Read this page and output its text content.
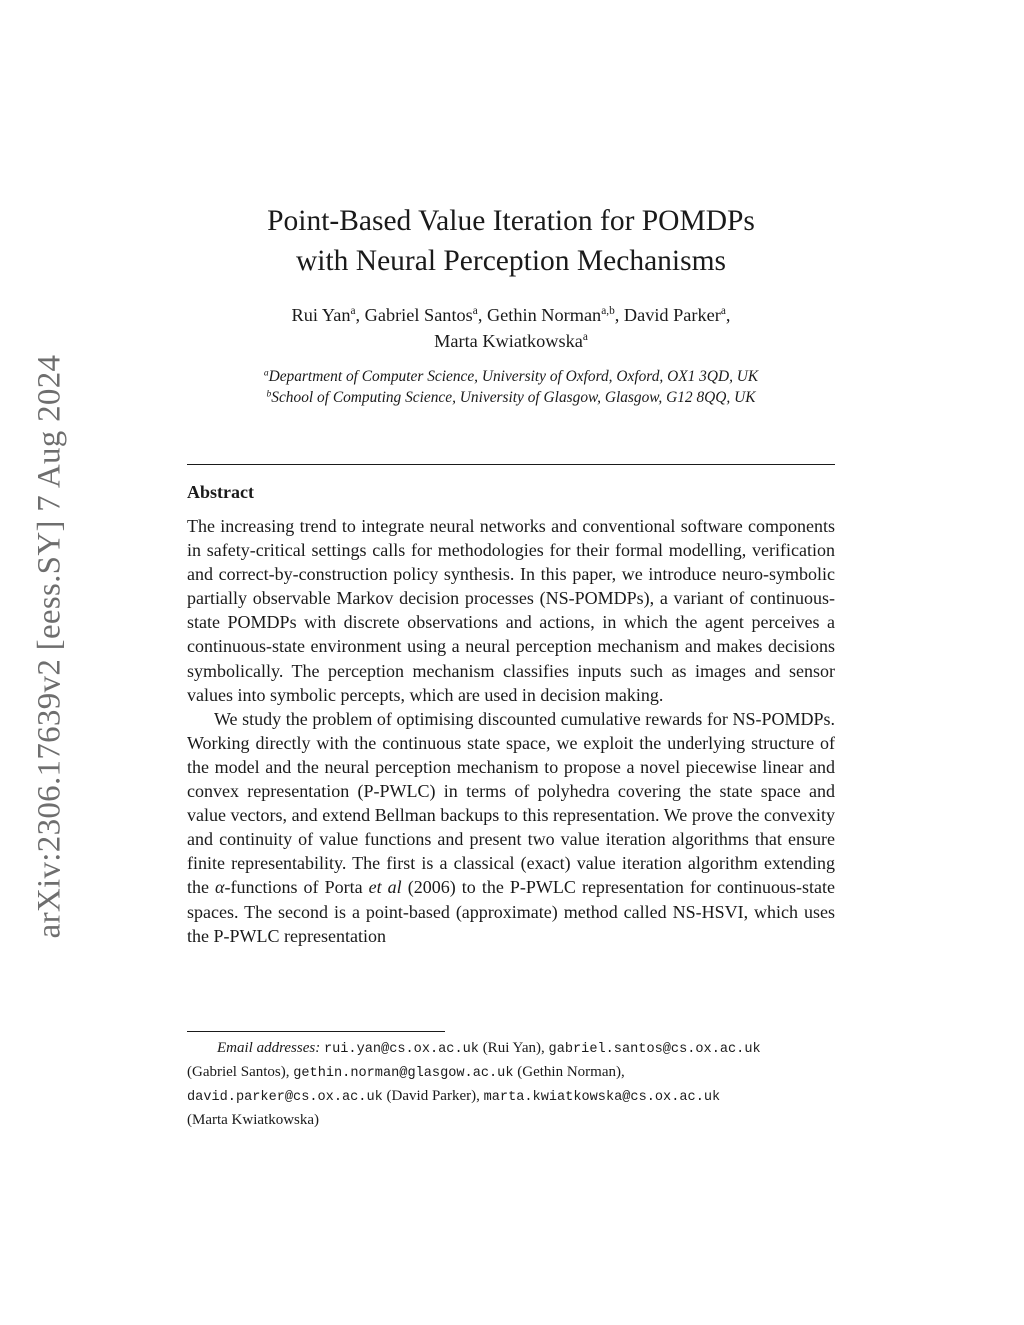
arXiv:2306.17639v2 [eess.SY] 7 Aug 2024
Point-Based Value Iteration for POMDPs
with Neural Perception Mechanisms
Rui Yan$^a$, Gabriel Santos$^a$, Gethin Norman$^{a,b}$, David Parker$^a$,
Marta Kwiatkowska$^a$
$^a$Department of Computer Science, University of Oxford, Oxford, OX1 3QD, UK
$^b$School of Computing Science, University of Glasgow, Glasgow, G12 8QQ, UK
Abstract

The increasing trend to integrate neural networks and conventional software components in safety-critical settings calls for methodologies for their formal modelling, verification and correct-by-construction policy synthesis. In this paper, we introduce neuro-symbolic partially observable Markov decision processes (NS-POMDPs), a variant of continuous-state POMDPs with discrete observations and actions, in which the agent perceives a continuous-state environment using a neural perception mechanism and makes decisions symbolically. The perception mechanism classifies inputs such as images and sensor values into symbolic percepts, which are used in decision making.

We study the problem of optimising discounted cumulative rewards for NS-POMDPs. Working directly with the continuous state space, we exploit the underlying structure of the model and the neural perception mechanism to propose a novel piecewise linear and convex representation (P-PWLC) in terms of polyhedra covering the state space and value vectors, and extend Bellman backups to this representation. We prove the convexity and continuity of value functions and present two value iteration algorithms that ensure finite representability. The first is a classical (exact) value iteration algorithm extending the α-functions of Porta et al (2006) to the P-PWLC representation for continuous-state spaces. The second is a point-based (approximate) method called NS-HSVI, which uses the P-PWLC representation

Email addresses: rui.yan@cs.ox.ac.uk (Rui Yan), gabriel.santos@cs.ox.ac.uk
(Gabriel Santos), gethin.norman@glasgow.ac.uk (Gethin Norman),
david.parker@cs.ox.ac.uk (David Parker), marta.kwiatkowska@cs.ox.ac.uk
(Marta Kwiatkowska)
